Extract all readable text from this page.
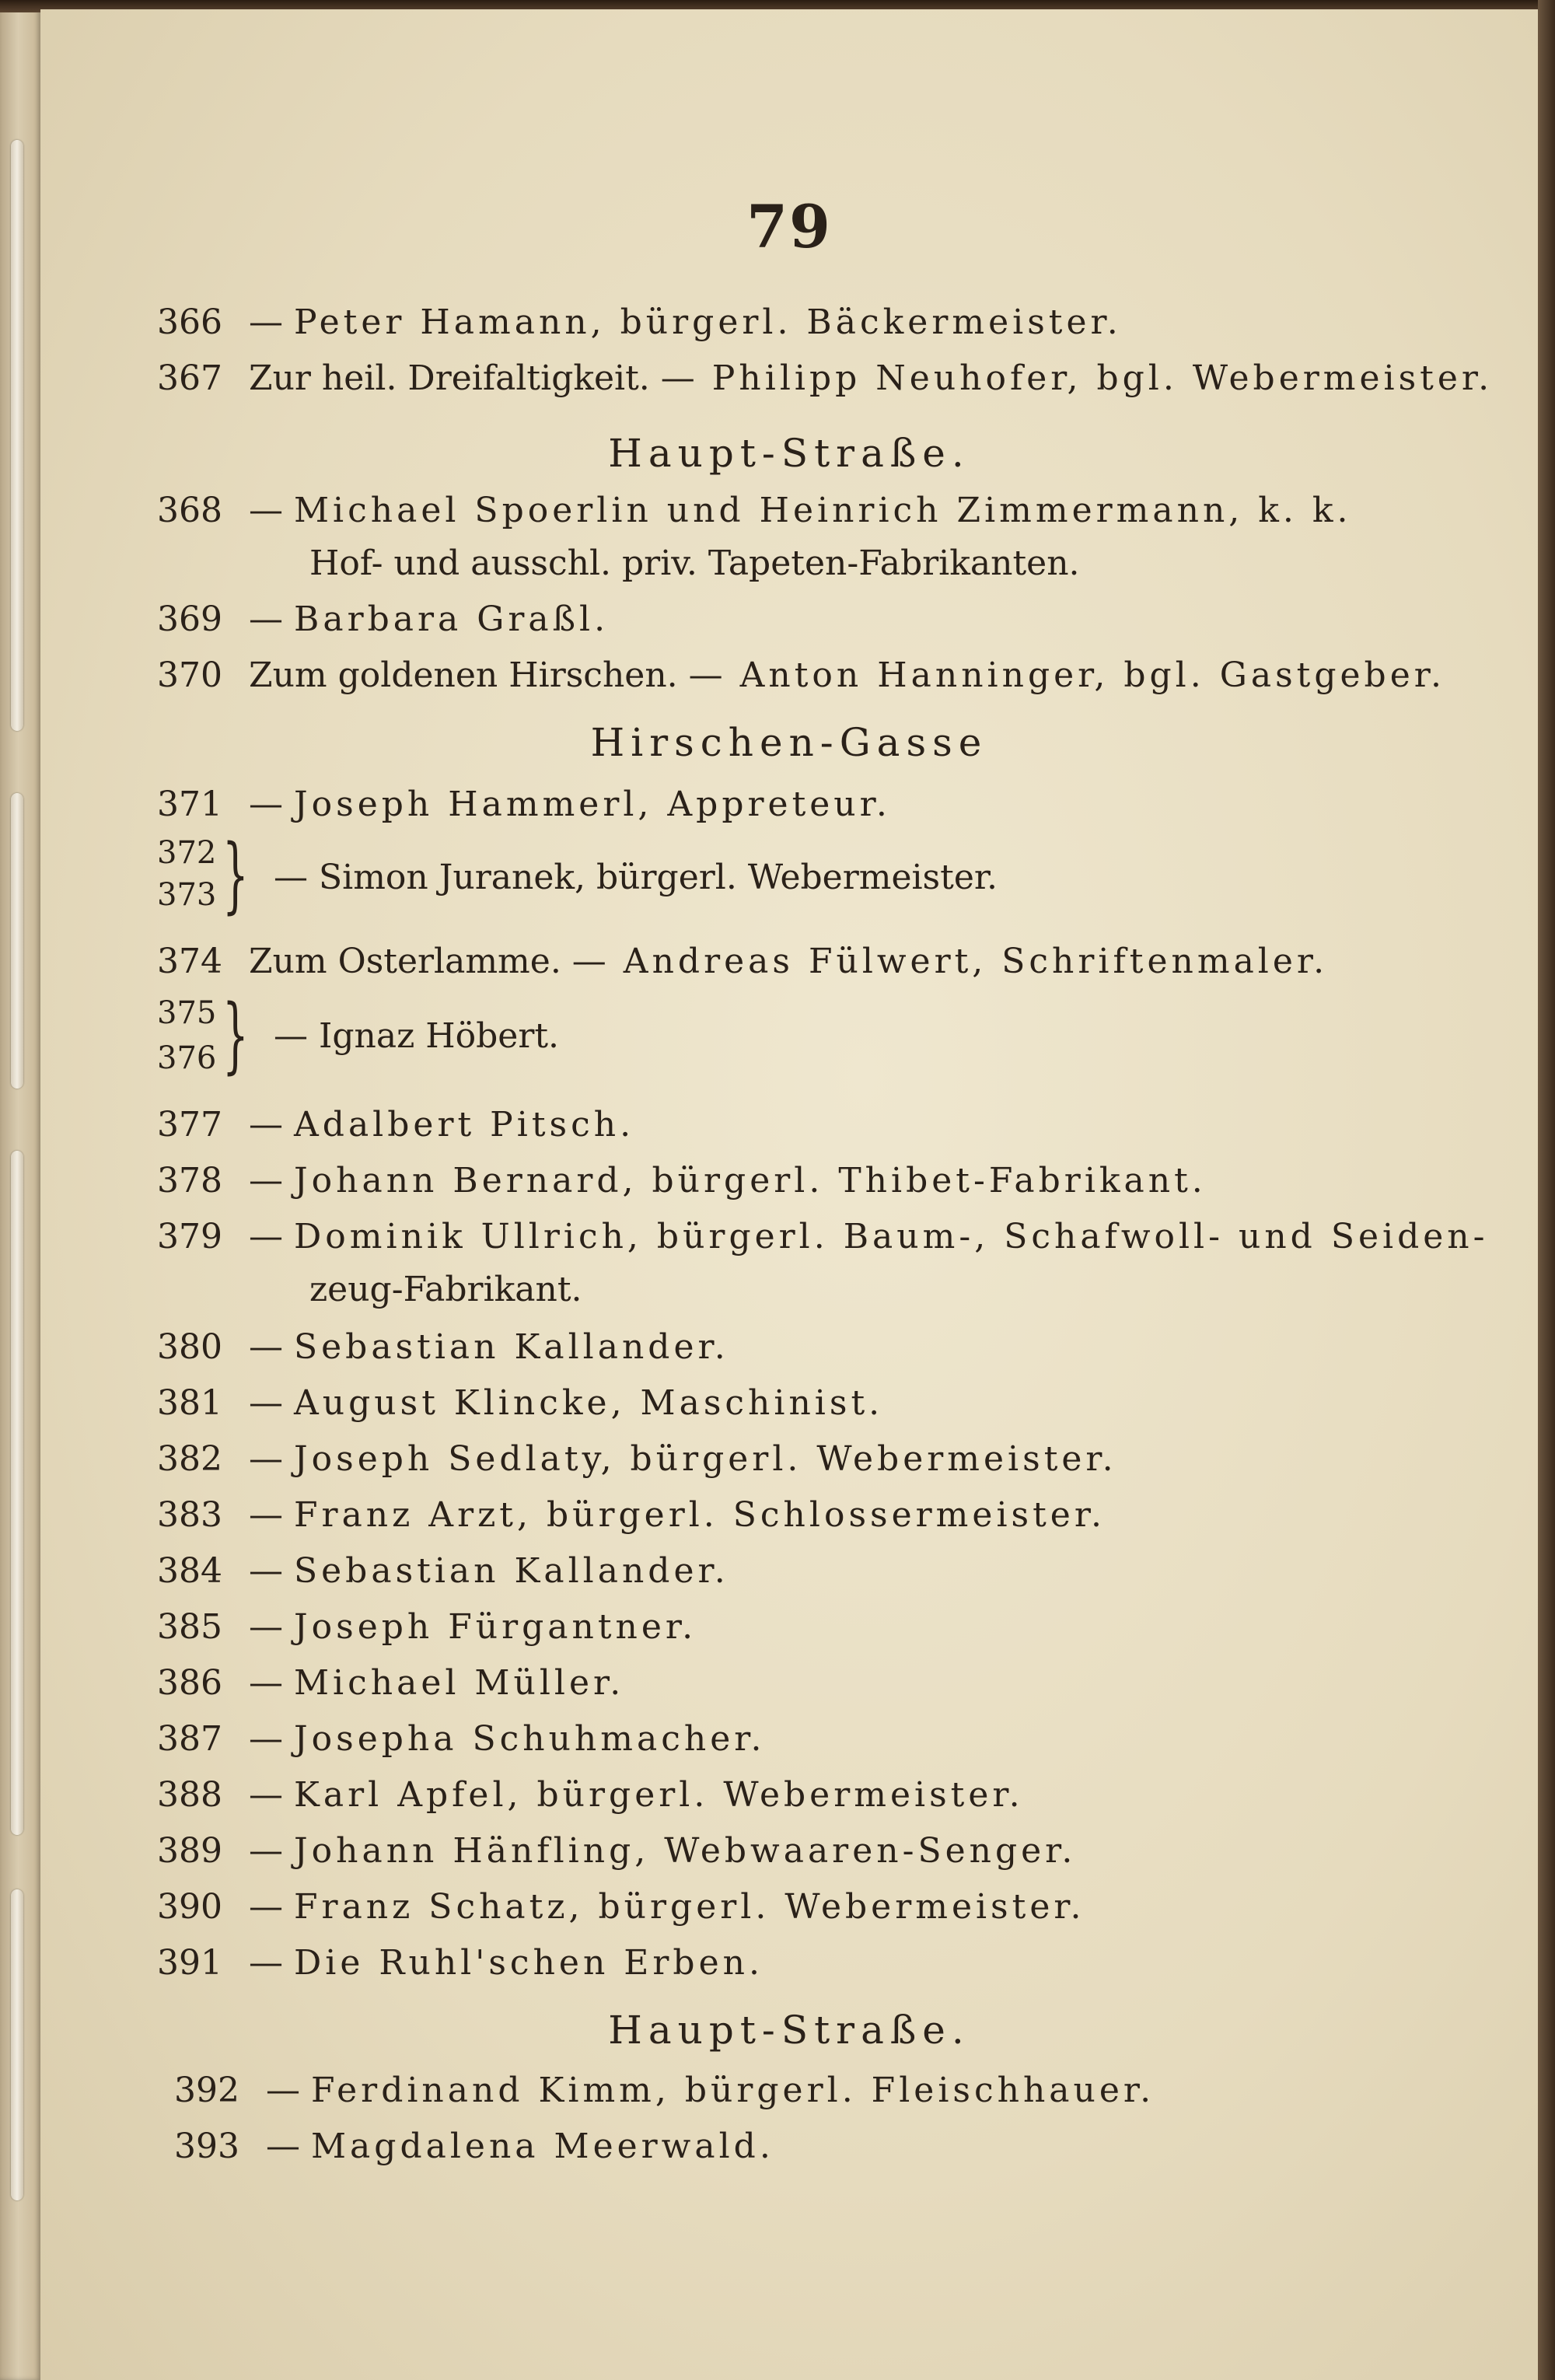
79
366 — Peter Hamann, bürgerl. Bäckermeister.
367 Zur heil. Dreifaltigkeit. — Philipp Neuhofer, bgl. Webermeister.
Haupt-Straße.
368 — Michael Spoerlin und Heinrich Zimmermann, k. k.
Hof- und ausschl. priv. Tapeten-Fabrikanten.
369 — Barbara Graßl.
370 Zum goldenen Hirschen. — Anton Hanninger, bgl. Gastgeber.
Hirschen-Gasse
371 — Joseph Hammerl, Appreteur.
372
373 } — Simon Juranek, bürgerl. Webermeister.
374 Zum Osterlamme. — Andreas Fülwert, Schriftenmaler.
375
376 } — Ignaz Höbert.
377 — Adalbert Pitsch.
378 — Johann Bernard, bürgerl. Thibet-Fabrikant.
379 — Dominik Ullrich, bürgerl. Baum-, Schafwoll- und Seiden-
zeug-Fabrikant.
380 — Sebastian Kallander.
381 — August Klincke, Maschinist.
382 — Joseph Sedlaty, bürgerl. Webermeister.
383 — Franz Arzt, bürgerl. Schlossermeister.
384 — Sebastian Kallander.
385 — Joseph Fürgantner.
386 — Michael Müller.
387 — Josepha Schuhmacher.
388 — Karl Apfel, bürgerl. Webermeister.
389 — Johann Hänfling, Webwaaren-Senger.
390 — Franz Schatz, bürgerl. Webermeister.
391 — Die Ruhl'schen Erben.
Haupt-Straße.
392 — Ferdinand Kimm, bürgerl. Fleischhauer.
393 — Magdalena Meerwald.
